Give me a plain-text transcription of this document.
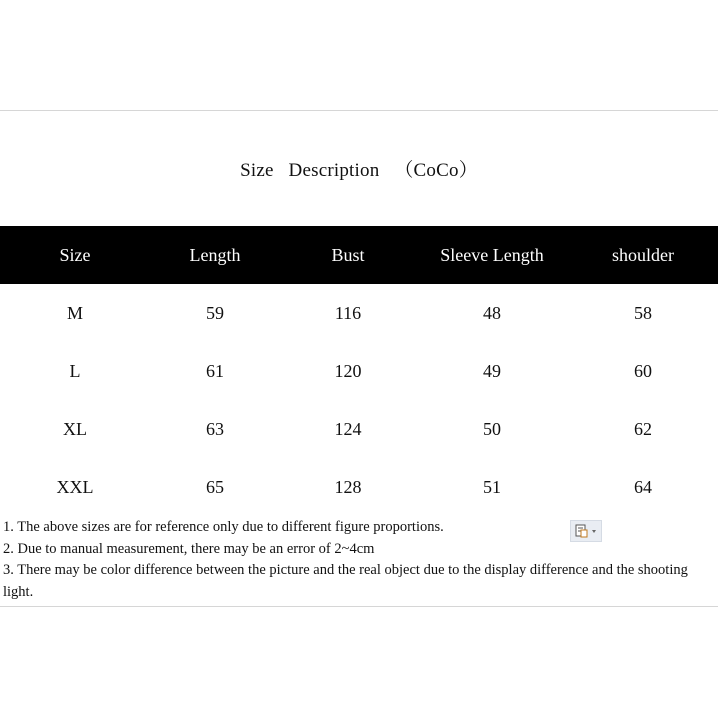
Size Description （CoCo）
Size	Length	Bust	Sleeve Length	shoulder
M	59	116	48	58
L	61	120	49	60
XL	63	124	50	62
XXL	65	128	51	64
1. The above sizes are for reference only due to different figure proportions.
2. Due to manual measurement, there may be an error of 2~4cm
3. There may be color difference between the picture and the real object due to the display difference and the shooting light.
